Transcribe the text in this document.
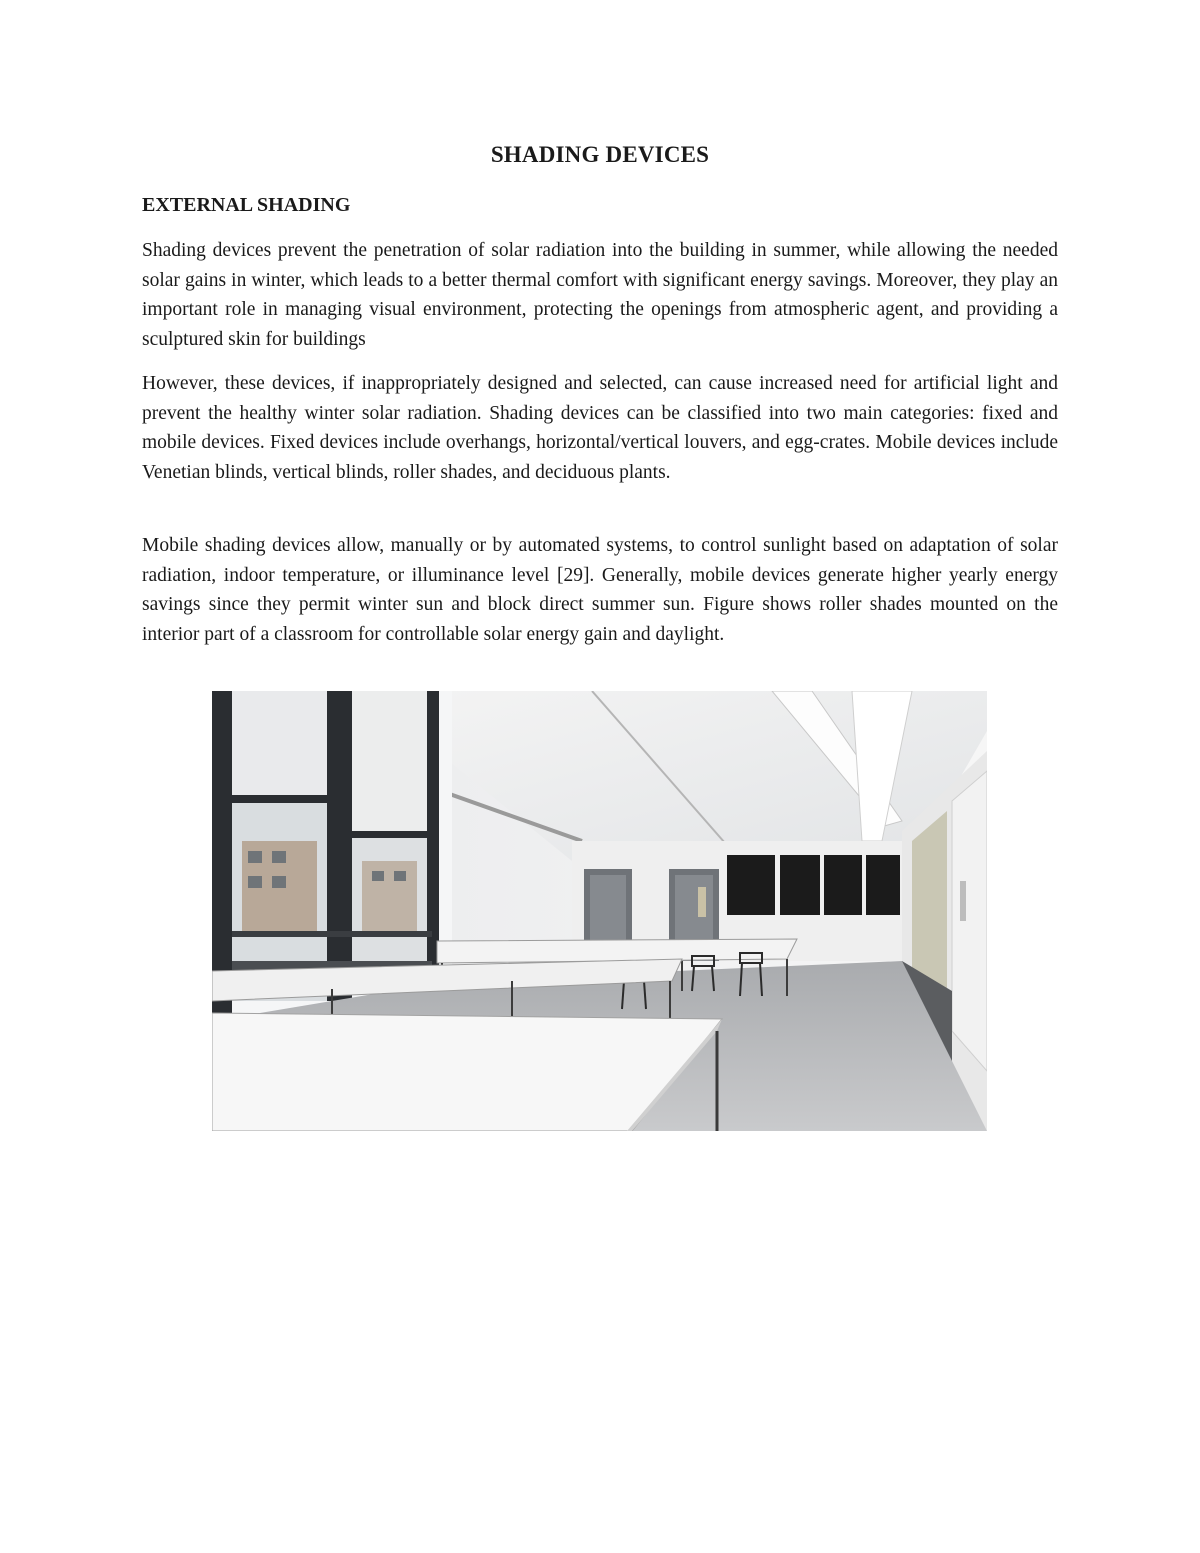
SHADING DEVICES
EXTERNAL SHADING

Shading devices prevent the penetration of solar radiation into the building in summer, while allowing the needed solar gains in winter, which leads to a better thermal comfort with significant energy savings. Moreover, they play an important role in managing visual environment, protecting the openings from atmospheric agent, and providing a sculptured skin for buildings

However, these devices, if inappropriately designed and selected, can cause increased need for artificial light and prevent the healthy winter solar radiation. Shading devices can be classified into two main categories: fixed and mobile devices. Fixed devices include overhangs, horizontal/vertical louvers, and egg-crates. Mobile devices include Venetian blinds, vertical blinds, roller shades, and deciduous plants.

Mobile shading devices allow, manually or by automated systems, to control sunlight based on adaptation of solar radiation, indoor temperature, or illuminance level [29]. Generally, mobile devices generate higher yearly energy savings since they permit winter sun and block direct summer sun. Figure shows roller shades mounted on the interior part of a classroom for controllable solar energy gain and daylight.
